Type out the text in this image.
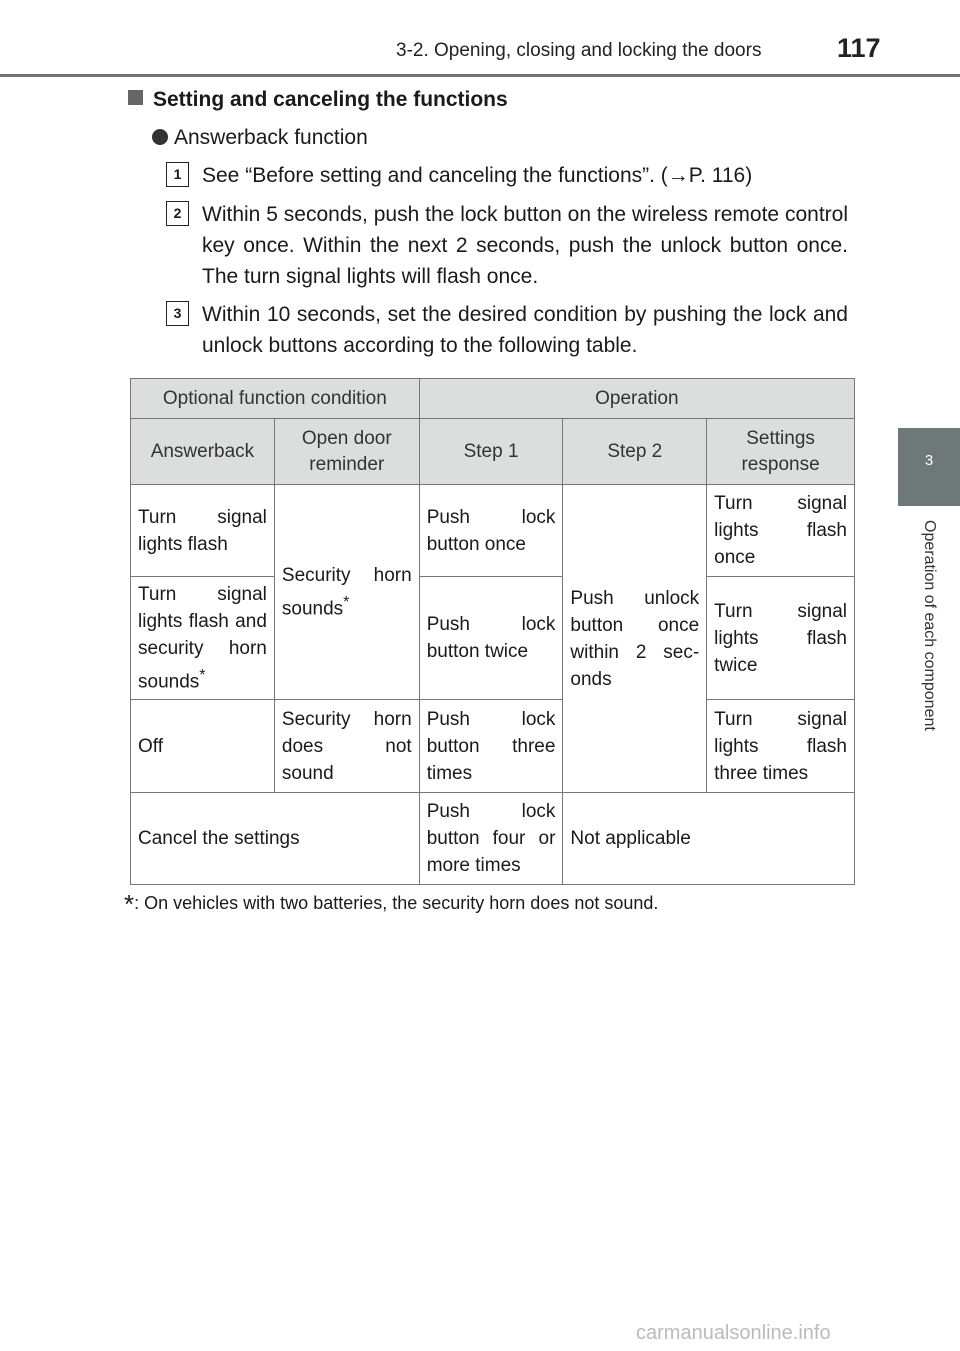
3-2. Opening, closing and locking the doors	117
3
Operation of each component
Setting and canceling the functions
Answerback function
1 See “Before setting and canceling the functions”. (→P. 116)
2 Within 5 seconds, push the lock button on the wireless remote control key once. Within the next 2 seconds, push the unlock button once. The turn signal lights will flash once.
3 Within 10 seconds, set the desired condition by pushing the lock and unlock buttons according to the following table.
Optional function condition		Operation		
Answerback	Open door reminder	Step 1	Step 2	Settings response
Turn signal lights flash	Security horn sounds*	Push lock button once	Push unlock button once within 2 sec-onds	Turn signal lights flash once
Turn signal lights flash and security horn sounds*		Push lock button twice		Turn signal lights flash twice
Off	Security horn does not sound	Push lock button three times		Turn signal lights flash three times
Cancel the settings		Push lock button four or more times	Not applicable	
*: On vehicles with two batteries, the security horn does not sound.
carmanualsonline.info
